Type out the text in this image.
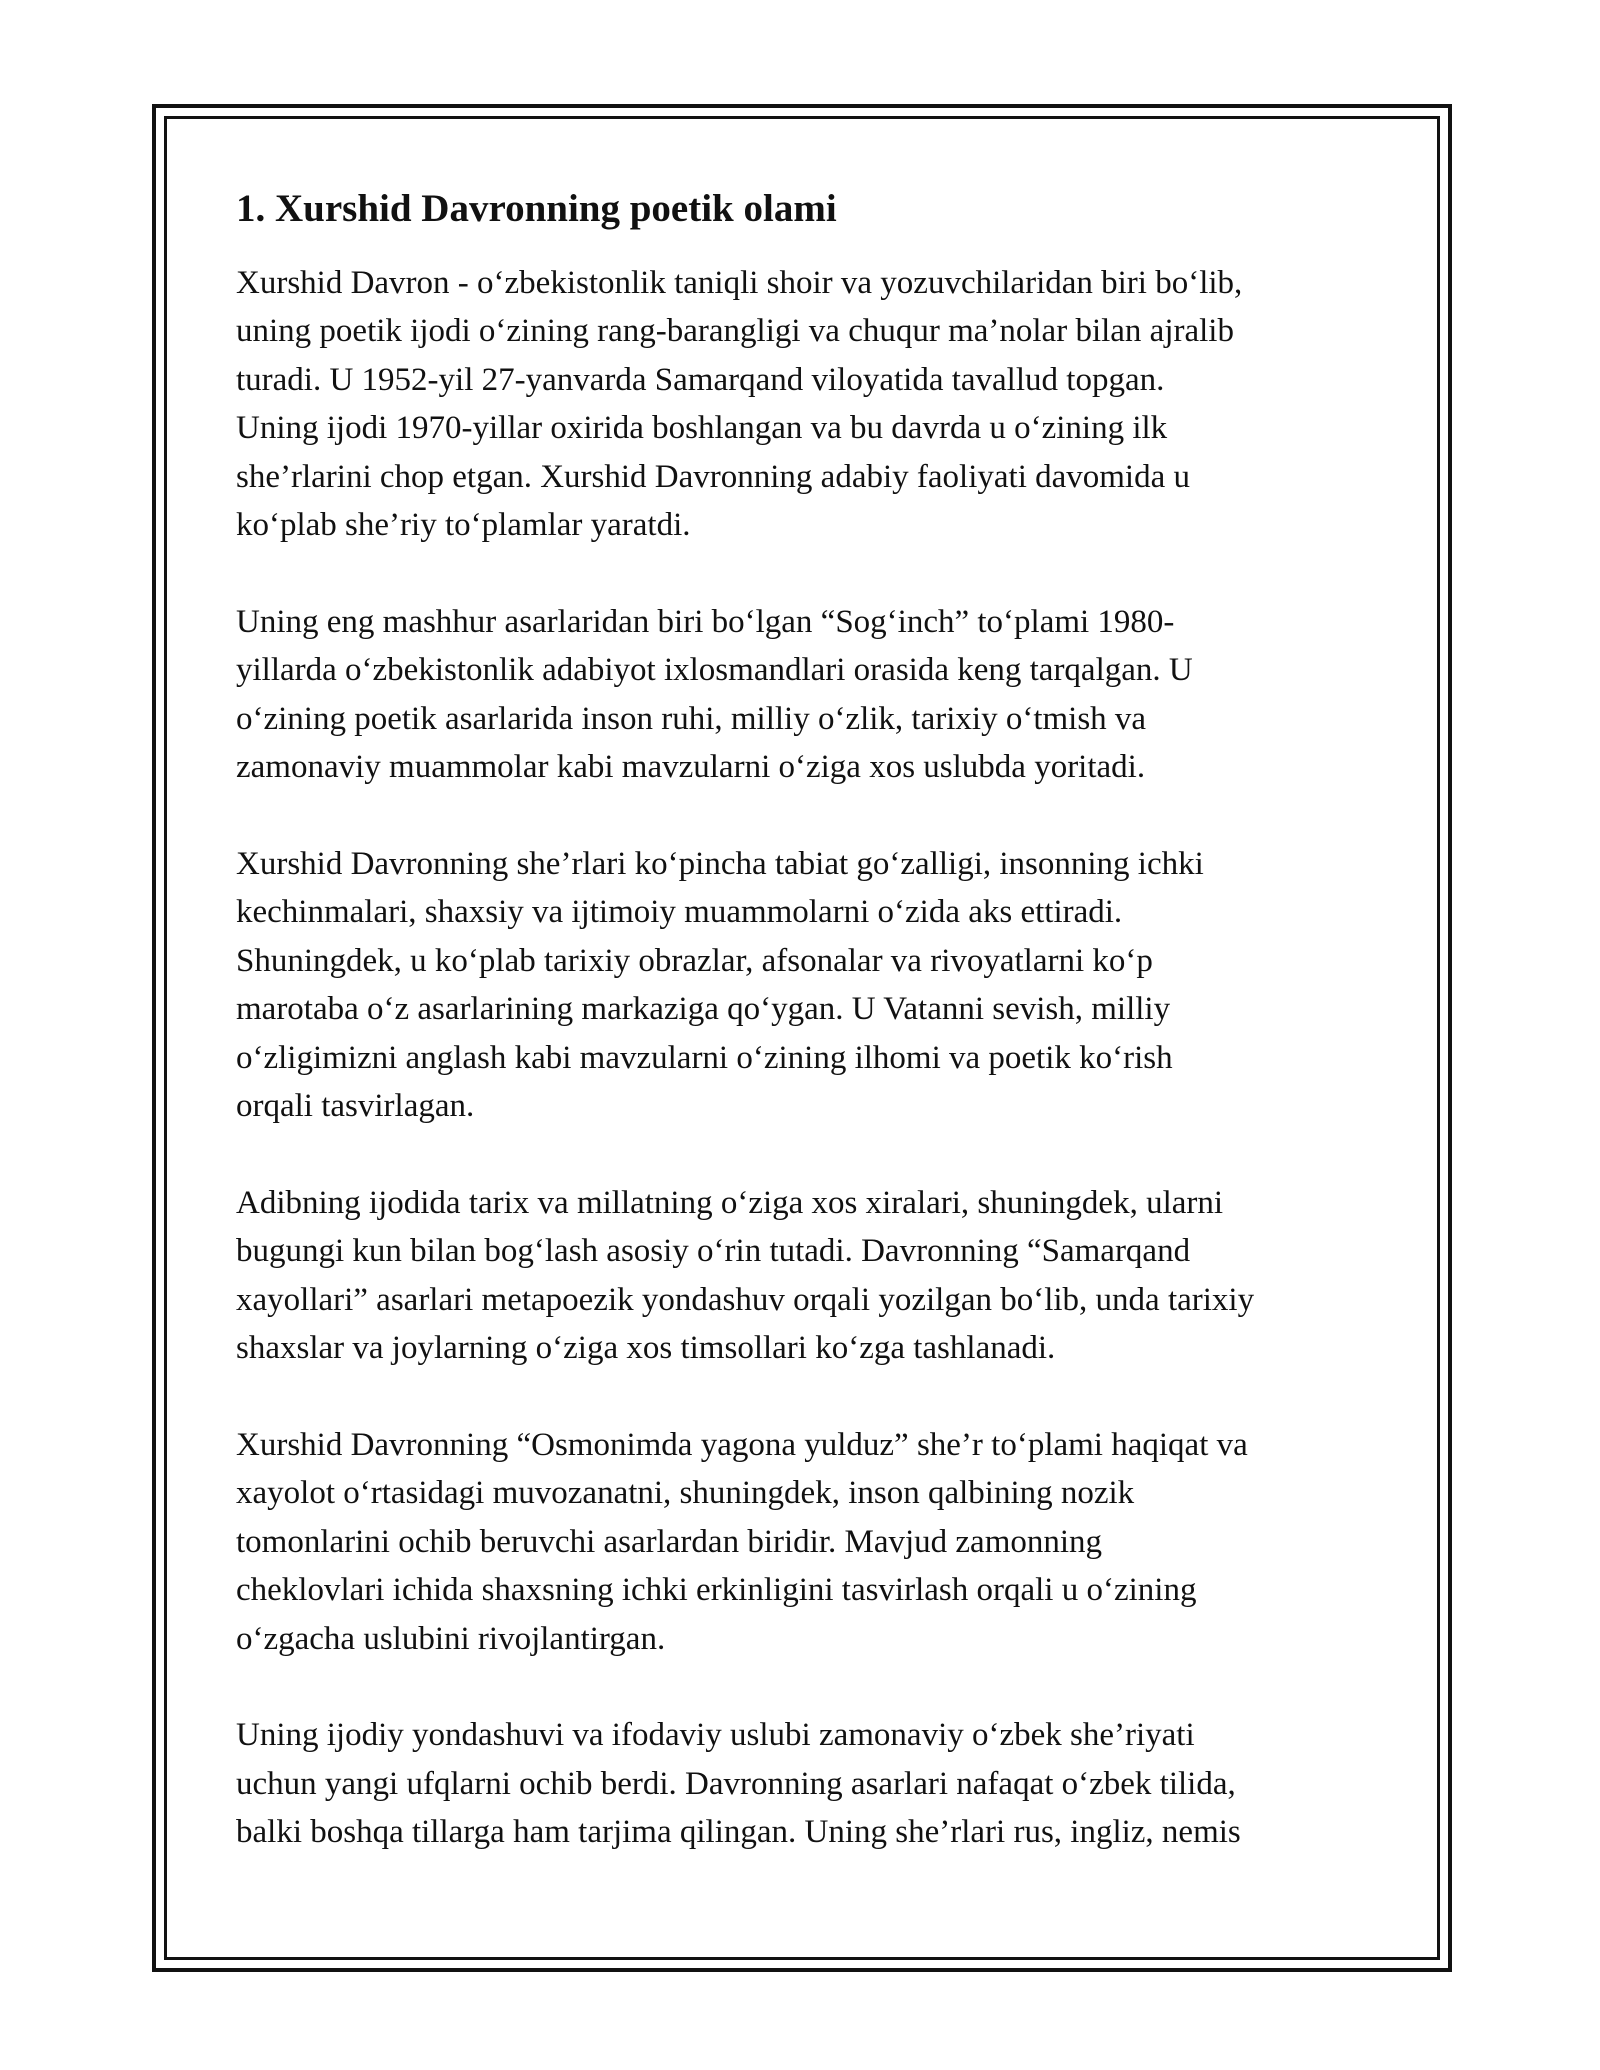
1. Xurshid Davronning poetik olami

Xurshid Davron - o‘zbekistonlik taniqli shoir va yozuvchilaridan biri bo‘lib,
uning poetik ijodi o‘zining rang-barangligi va chuqur ma’nolar bilan ajralib
turadi. U 1952-yil 27-yanvarda Samarqand viloyatida tavallud topgan.
Uning ijodi 1970-yillar oxirida boshlangan va bu davrda u o‘zining ilk
she’rlarini chop etgan. Xurshid Davronning adabiy faoliyati davomida u
ko‘plab she’riy to‘plamlar yaratdi.

Uning eng mashhur asarlaridan biri bo‘lgan “Sog‘inch” to‘plami 1980-
yillarda o‘zbekistonlik adabiyot ixlosmandlari orasida keng tarqalgan. U
o‘zining poetik asarlarida inson ruhi, milliy o‘zlik, tarixiy o‘tmish va
zamonaviy muammolar kabi mavzularni o‘ziga xos uslubda yoritadi.

Xurshid Davronning she’rlari ko‘pincha tabiat go‘zalligi, insonning ichki
kechinmalari, shaxsiy va ijtimoiy muammolarni o‘zida aks ettiradi.
Shuningdek, u ko‘plab tarixiy obrazlar, afsonalar va rivoyatlarni ko‘p
marotaba o‘z asarlarining markaziga qo‘ygan. U Vatanni sevish, milliy
o‘zligimizni anglash kabi mavzularni o‘zining ilhomi va poetik ko‘rish
orqali tasvirlagan.

Adibning ijodida tarix va millatning o‘ziga xos xiralari, shuningdek, ularni
bugungi kun bilan bog‘lash asosiy o‘rin tutadi. Davronning “Samarqand
xayollari” asarlari metapoezik yondashuv orqali yozilgan bo‘lib, unda tarixiy
shaxslar va joylarning o‘ziga xos timsollari ko‘zga tashlanadi.

Xurshid Davronning “Osmonimda yagona yulduz” she’r to‘plami haqiqat va
xayolot o‘rtasidagi muvozanatni, shuningdek, inson qalbining nozik
tomonlarini ochib beruvchi asarlardan biridir. Mavjud zamonning
cheklovlari ichida shaxsning ichki erkinligini tasvirlash orqali u o‘zining
o‘zgacha uslubini rivojlantirgan.

Uning ijodiy yondashuvi va ifodaviy uslubi zamonaviy o‘zbek she’riyati
uchun yangi ufqlarni ochib berdi. Davronning asarlari nafaqat o‘zbek tilida,
balki boshqa tillarga ham tarjima qilingan. Uning she’rlari rus, ingliz, nemis
